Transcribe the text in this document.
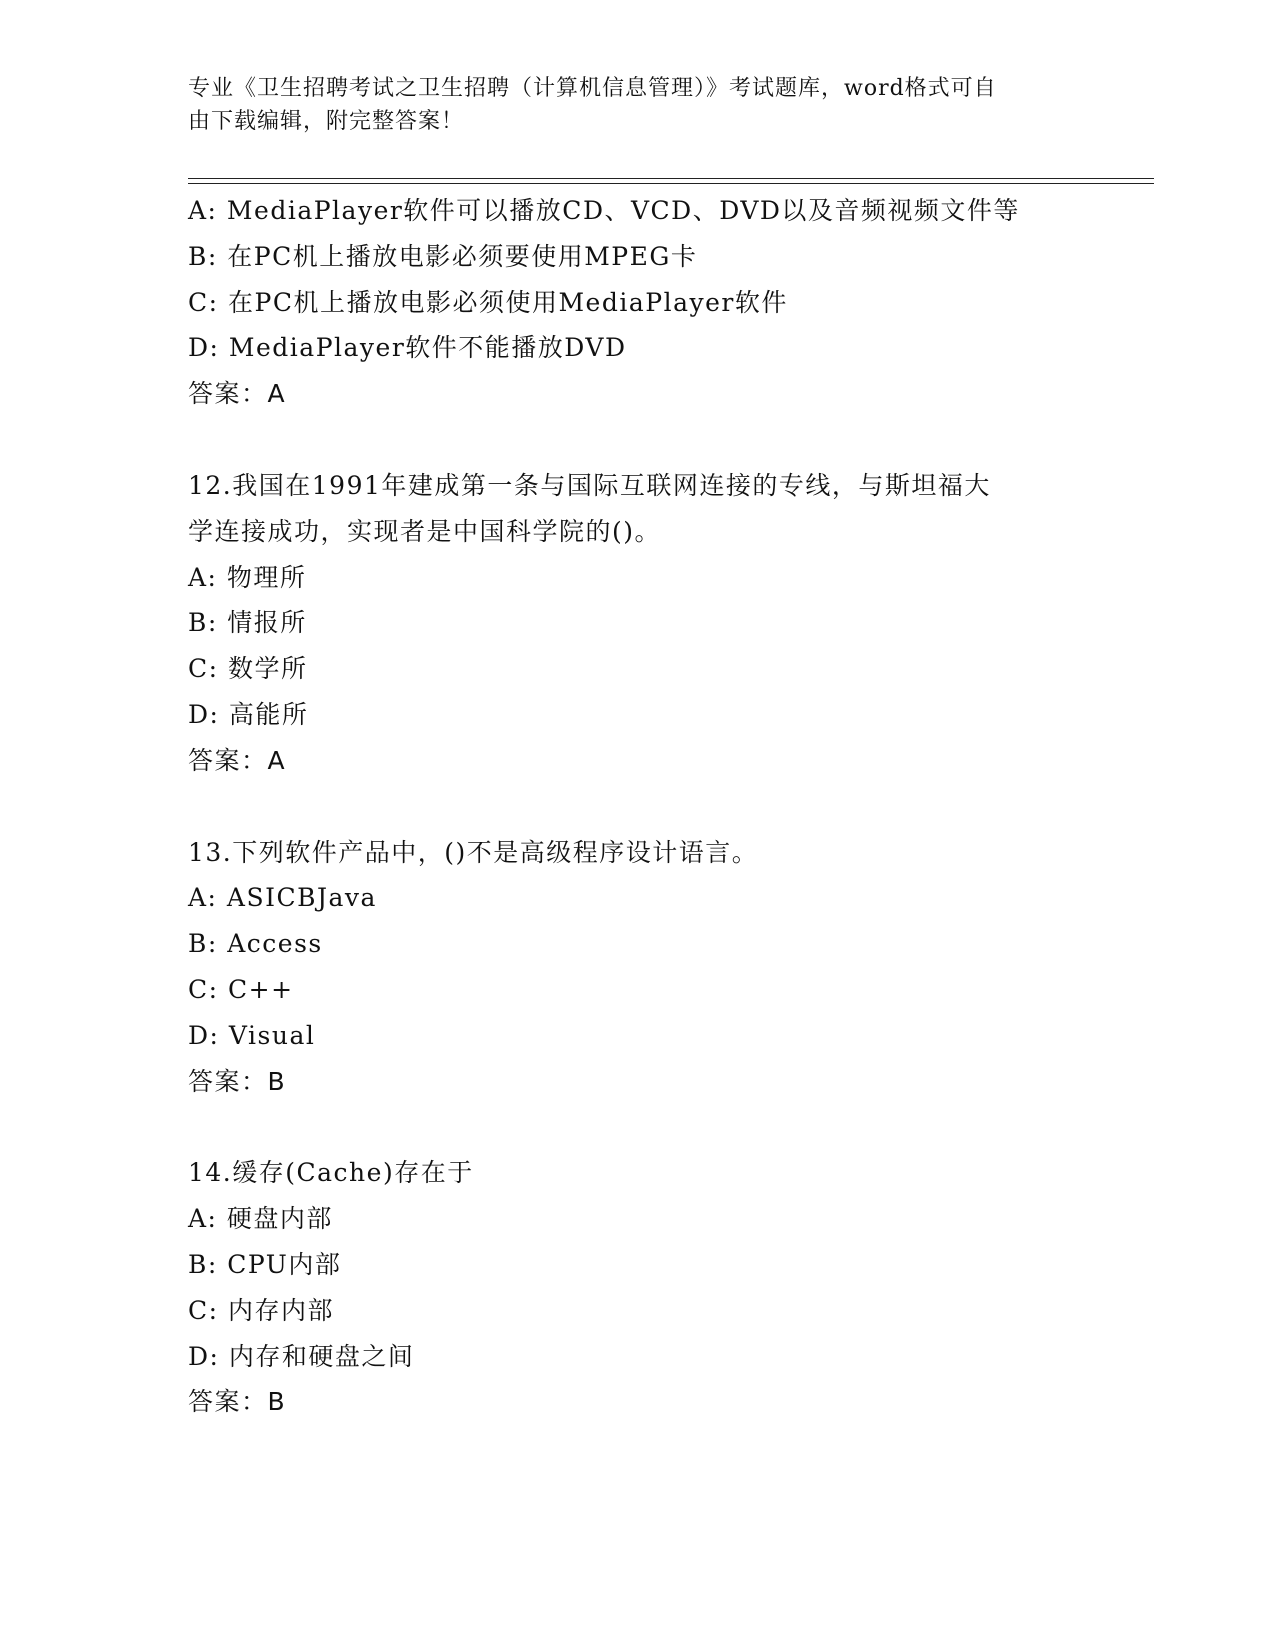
专业《卫生招聘考试之卫生招聘（计算机信息管理）》考试题库，word格式可自
由下载编辑，附完整答案！
A: MediaPlayer软件可以播放CD、VCD、DVD以及音频视频文件等
B: 在PC机上播放电影必须要使用MPEG卡
C: 在PC机上播放电影必须使用MediaPlayer软件
D: MediaPlayer软件不能播放DVD
答案：A
12.我国在1991年建成第一条与国际互联网连接的专线，与斯坦福大
学连接成功，实现者是中国科学院的()。
A: 物理所
B: 情报所
C: 数学所
D: 高能所
答案：A
13.下列软件产品中，()不是高级程序设计语言。
A: ASICBJava
B: Access
C: C++
D: Visual
答案：B
14.缓存(Cache)存在于
A: 硬盘内部
B: CPU内部
C: 内存内部
D: 内存和硬盘之间
答案：B
